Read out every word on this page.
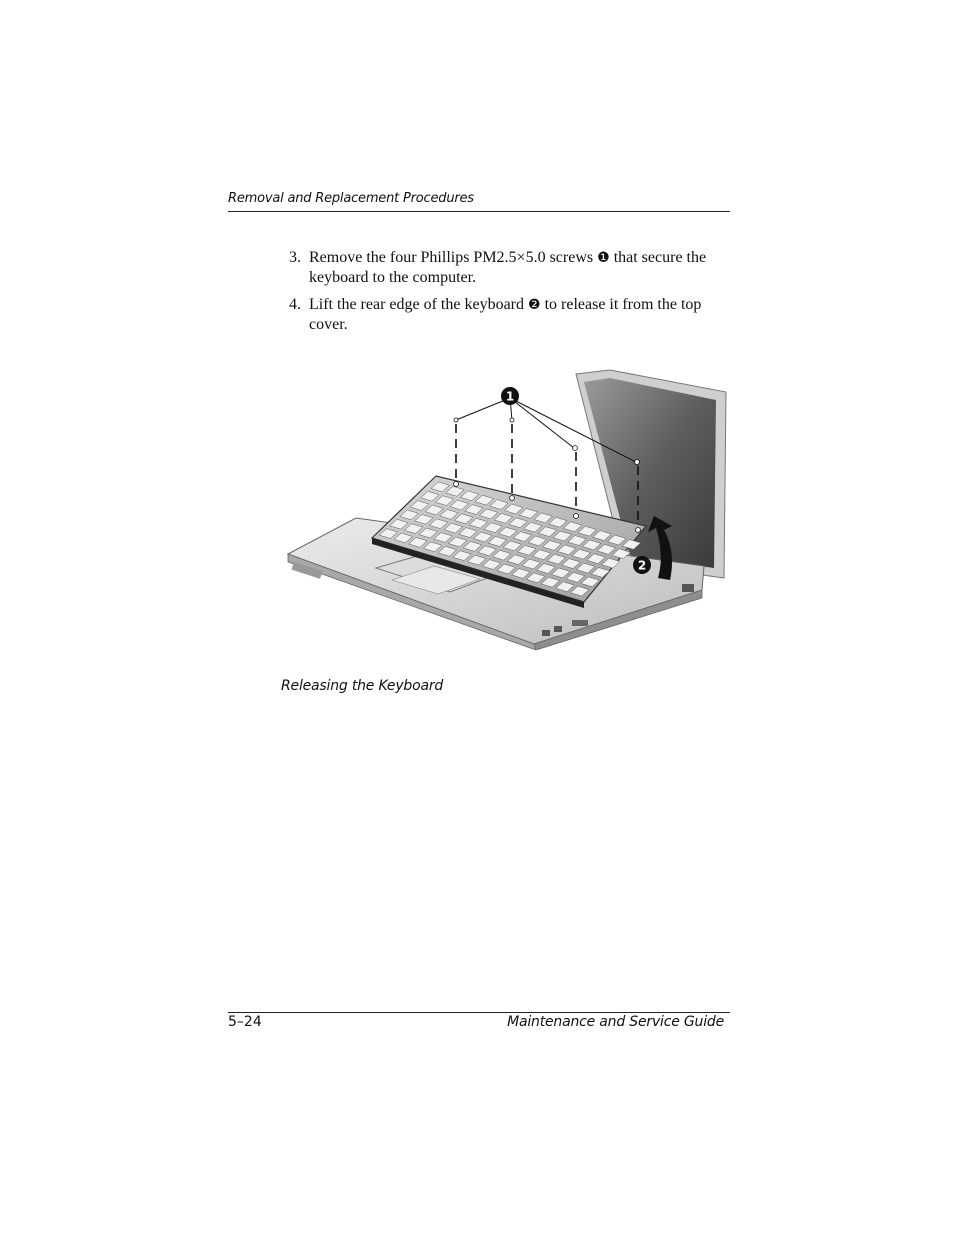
Removal and Replacement Procedures
3. Remove the four Phillips PM2.5×5.0 screws ❶ that secure the keyboard to the computer.
4. Lift the rear edge of the keyboard ❷ to release it from the top cover.
1
2
Releasing the Keyboard
5–24	Maintenance and Service Guide
